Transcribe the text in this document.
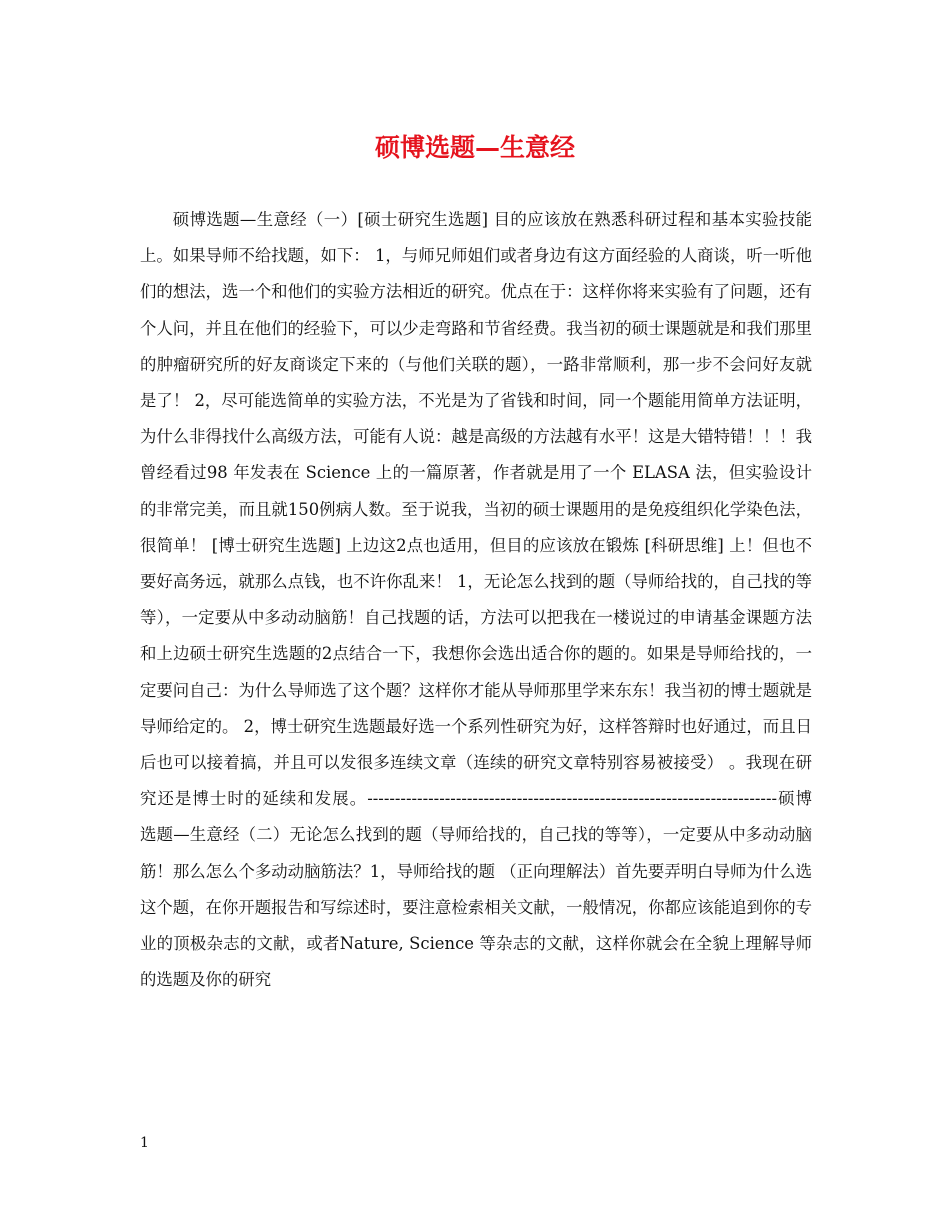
硕博选题—生意经

硕博选题—生意经（一）[硕士研究生选题] 目的应该放在熟悉科研过程和基本实验技能上。如果导师不给找题，如下： 1，与师兄师姐们或者身边有这方面经验的人商谈，听一听他们的想法，选一个和他们的实验方法相近的研究。优点在于：这样你将来实验有了问题，还有个人问，并且在他们的经验下，可以少走弯路和节省经费。我当初的硕士课题就是和我们那里的肿瘤研究所的好友商谈定下来的（与他们关联的题），一路非常顺利，那一步不会问好友就是了！ 2，尽可能选简单的实验方法，不光是为了省钱和时间，同一个题能用简单方法证明，为什么非得找什么高级方法，可能有人说：越是高级的方法越有水平！这是大错特错！！！我曾经看过98 年发表在 Science 上的一篇原著，作者就是用了一个 ELASA 法，但实验设计的非常完美，而且就150例病人数。至于说我，当初的硕士课题用的是免疫组织化学染色法，很简单！ [博士研究生选题] 上边这2点也适用，但目的应该放在锻炼 [科研思维] 上！但也不要好高务远，就那么点钱，也不许你乱来！ 1，无论怎么找到的题（导师给找的，自己找的等等），一定要从中多动动脑筋！自己找题的话，方法可以把我在一楼说过的申请基金课题方法和上边硕士研究生选题的2点结合一下，我想你会选出适合你的题的。如果是导师给找的，一定要问自己：为什么导师选了这个题？这样你才能从导师那里学来东东！我当初的博士题就是导师给定的。 2，博士研究生选题最好选一个系列性研究为好，这样答辩时也好通过，而且日后也可以接着搞，并且可以发很多连续文章（连续的研究文章特别容易被接受） 。我现在研究还是博士时的延续和发展。--------------------------------------------------------------------------硕博选题—生意经（二）无论怎么找到的题（导师给找的，自己找的等等），一定要从中多动动脑筋！那么怎么个多动动脑筋法？1，导师给找的题 （正向理解法）首先要弄明白导师为什么选这个题，在你开题报告和写综述时，要注意检索相关文献，一般情况，你都应该能追到你的专业的顶极杂志的文献，或者Nature, Science 等杂志的文献，这样你就会在全貌上理解导师的选题及你的研究

1
